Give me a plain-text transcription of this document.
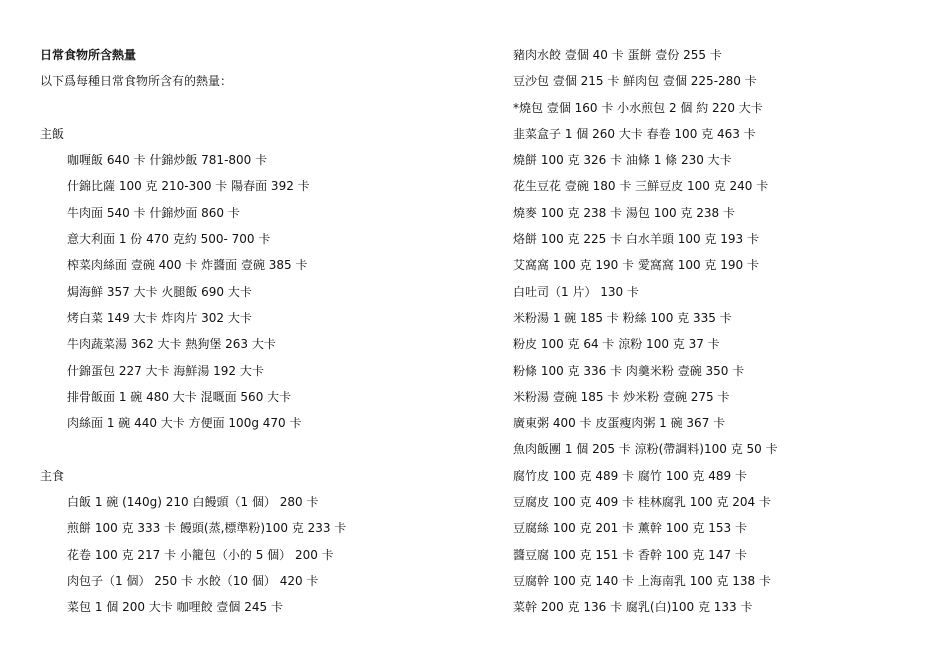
日常食物所含熱量
以下爲每種日常食物所含有的熱量：
主飯
咖喱飯 640 卡 什錦炒飯 781-800 卡
什錦比薩 100 克 210-300 卡 陽春面 392 卡
牛肉面 540 卡 什錦炒面 860 卡
意大利面 1 份 470 克約 500- 700 卡
榨菜肉絲面 壹碗 400 卡 炸醬面 壹碗 385 卡
焗海鮮 357 大卡 火腿飯 690 大卡
烤白菜 149 大卡 炸肉片 302 大卡
牛肉蔬菜湯 362 大卡 熱狗堡 263 大卡
什錦蛋包 227 大卡 海鮮湯 192 大卡
排骨飯面 1 碗 480 大卡 混嘅面 560 大卡
肉絲面 1 碗 440 大卡 方便面 100g 470 卡
主食
白飯 1 碗 (140g) 210 白饅頭（1 個） 280 卡
煎餅 100 克 333 卡 饅頭(蒸,標準粉)100 克 233 卡
花卷 100 克 217 卡 小籠包（小的 5 個） 200 卡
肉包子（1 個） 250 卡 水餃（10 個） 420 卡
菜包 1 個 200 大卡 咖哩餃 壹個 245 卡
豬肉水餃 壹個 40 卡 蛋餅 壹份 255 卡
豆沙包 壹個 215 卡 鮮肉包 壹個 225-280 卡
*燒包 壹個 160 卡 小水煎包 2 個 約 220 大卡
韭菜盒子 1 個 260 大卡 春卷 100 克 463 卡
燒餅 100 克 326 卡 油條 1 條 230 大卡
花生豆花 壹碗 180 卡 三鮮豆皮 100 克 240 卡
燒麥 100 克 238 卡 湯包 100 克 238 卡
烙餅 100 克 225 卡 白水羊頭 100 克 193 卡
艾窩窩 100 克 190 卡 愛窩窩 100 克 190 卡
白吐司（1 片） 130 卡
米粉湯 1 碗 185 卡 粉絲 100 克 335 卡
粉皮 100 克 64 卡 涼粉 100 克 37 卡
粉條 100 克 336 卡 肉羹米粉 壹碗 350 卡
米粉湯 壹碗 185 卡 炒米粉 壹碗 275 卡
廣東粥 400 卡 皮蛋瘦肉粥 1 碗 367 卡
魚肉飯團 1 個 205 卡 涼粉(帶調料)100 克 50 卡
腐竹皮 100 克 489 卡 腐竹 100 克 489 卡
豆腐皮 100 克 409 卡 桂林腐乳 100 克 204 卡
豆腐絲 100 克 201 卡 薰幹 100 克 153 卡
醬豆腐 100 克 151 卡 香幹 100 克 147 卡
豆腐幹 100 克 140 卡 上海南乳 100 克 138 卡
菜幹 200 克 136 卡 腐乳(白)100 克 133 卡
